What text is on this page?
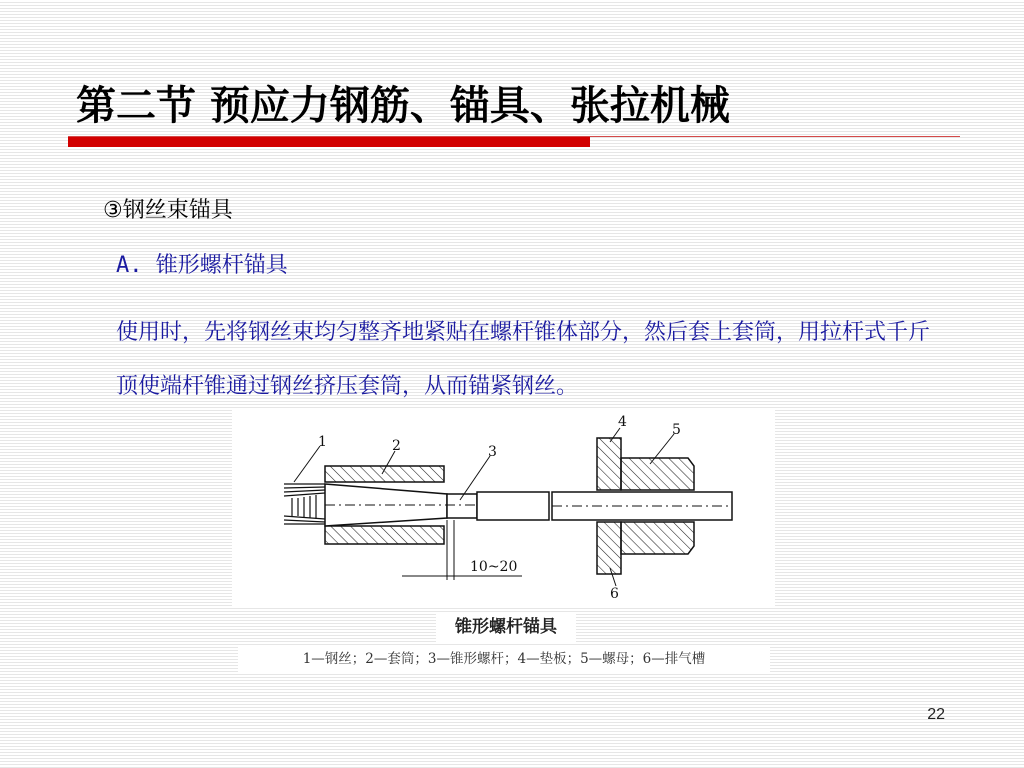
第二节 预应力钢筋、锚具、张拉机械
③钢丝束锚具
A. 锥形螺杆锚具

使用时，先将钢丝束均匀整齐地紧贴在螺杆锥体部分，然后套上套筒，用拉杆式千斤顶使端杆锥通过钢丝挤压套筒，从而锚紧钢丝。

1	2	3
4	5
6
10~20
锥形螺杆锚具
1—钢丝；2—套筒；3—锥形螺杆；4—垫板；5—螺母；6—排气槽
22
